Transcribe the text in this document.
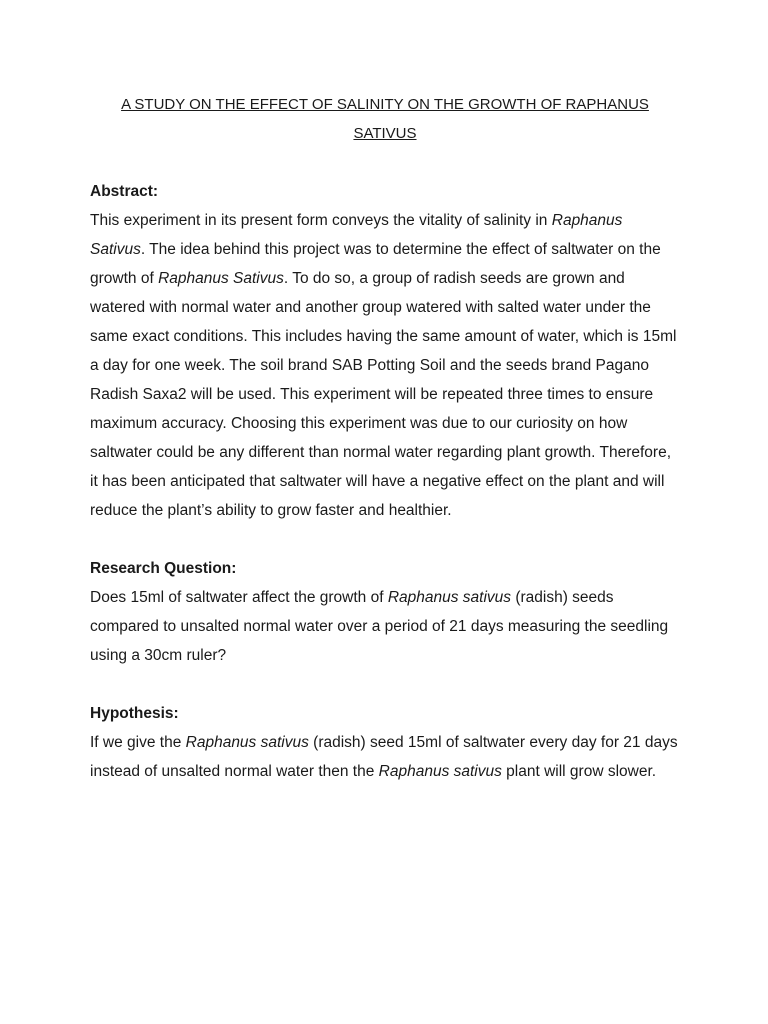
A STUDY ON THE EFFECT OF SALINITY ON THE GROWTH OF RAPHANUS SATIVUS

Abstract:

This experiment in its present form conveys the vitality of salinity in Raphanus Sativus. The idea behind this project was to determine the effect of saltwater on the growth of Raphanus Sativus. To do so, a group of radish seeds are grown and watered with normal water and another group watered with salted water under the same exact conditions. This includes having the same amount of water, which is 15ml a day for one week. The soil brand SAB Potting Soil and the seeds brand Pagano Radish Saxa2 will be used. This experiment will be repeated three times to ensure maximum accuracy. Choosing this experiment was due to our curiosity on how saltwater could be any different than normal water regarding plant growth. Therefore, it has been anticipated that saltwater will have a negative effect on the plant and will reduce the plant’s ability to grow faster and healthier.

Research Question:

Does 15ml of saltwater affect the growth of Raphanus sativus (radish) seeds compared to unsalted normal water over a period of 21 days measuring the seedling using a 30cm ruler?

Hypothesis:

If we give the Raphanus sativus (radish) seed 15ml of saltwater every day for 21 days instead of unsalted normal water then the Raphanus sativus plant will grow slower.
